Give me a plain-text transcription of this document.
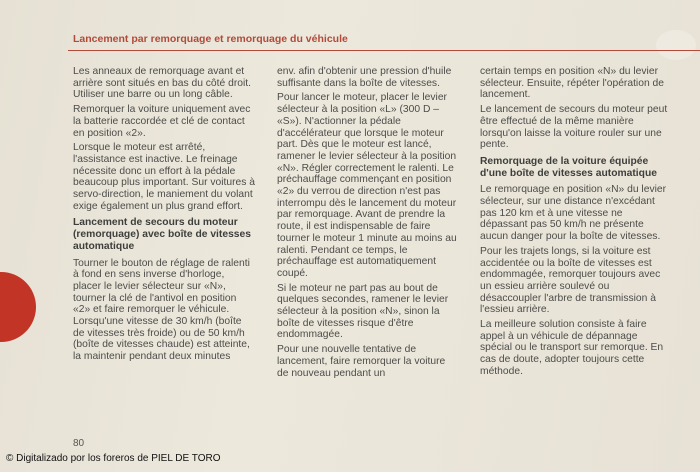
Lancement par remorquage et remorquage du véhicule

Les anneaux de remorquage avant et arrière sont situés en bas du côté droit. Utiliser une barre ou un long câble.

Remorquer la voiture uniquement avec la batterie raccordée et clé de contact en position «2».

Lorsque le moteur est arrêté, l'assistance est inactive. Le freinage nécessite donc un effort à la pédale beaucoup plus important. Sur voitures à servo-direction, le maniement du volant exige également un plus grand effort.

Lancement de secours du moteur (remorquage) avec boîte de vitesses automatique

Tourner le bouton de réglage de ralenti à fond en sens inverse d'horloge, placer le levier sélecteur sur «N», tourner la clé de l'antivol en position «2» et faire remorquer le véhicule. Lorsqu'une vitesse de 30 km/h (boîte de vitesses très froide) ou de 50 km/h (boîte de vitesses chaude) est atteinte, la maintenir pendant deux minutes

env. afin d'obtenir une pression d'huile suffisante dans la boîte de vitesses.

Pour lancer le moteur, placer le levier sélecteur à la position «L» (300 D – «S»). N'actionner la pédale d'accélérateur que lorsque le moteur part. Dès que le moteur est lancé, ramener le levier sélecteur à la position «N». Régler correctement le ralenti. Le préchauffage commençant en position «2» du verrou de direction n'est pas interrompu dès le lancement du moteur par remorquage. Avant de prendre la route, il est indispensable de faire tourner le moteur 1 minute au moins au ralenti. Pendant ce temps, le préchauffage est automatiquement coupé.

Si le moteur ne part pas au bout de quelques secondes, ramener le levier sélecteur à la position «N», sinon la boîte de vitesses risque d'être endommagée.

Pour une nouvelle tentative de lancement, faire remorquer la voiture de nouveau pendant un

certain temps en position «N» du levier sélecteur. Ensuite, répéter l'opération de lancement.

Le lancement de secours du moteur peut être effectué de la même manière lorsqu'on laisse la voiture rouler sur une pente.

Remorquage de la voiture équipée d'une boîte de vitesses automatique

Le remorquage en position «N» du levier sélecteur, sur une distance n'excédant pas 120 km et à une vitesse ne dépassant pas 50 km/h ne présente aucun danger pour la boîte de vitesses.

Pour les trajets longs, si la voiture est accidentée ou la boîte de vitesses est endommagée, remorquer toujours avec un essieu arrière soulevé ou désaccoupler l'arbre de transmission à l'essieu arrière.

La meilleure solution consiste à faire appel à un véhicule de dépannage spécial ou le transport sur remorque. En cas de doute, adopter toujours cette méthode.

80
© Digitalizado por los foreros de PIEL DE TORO
